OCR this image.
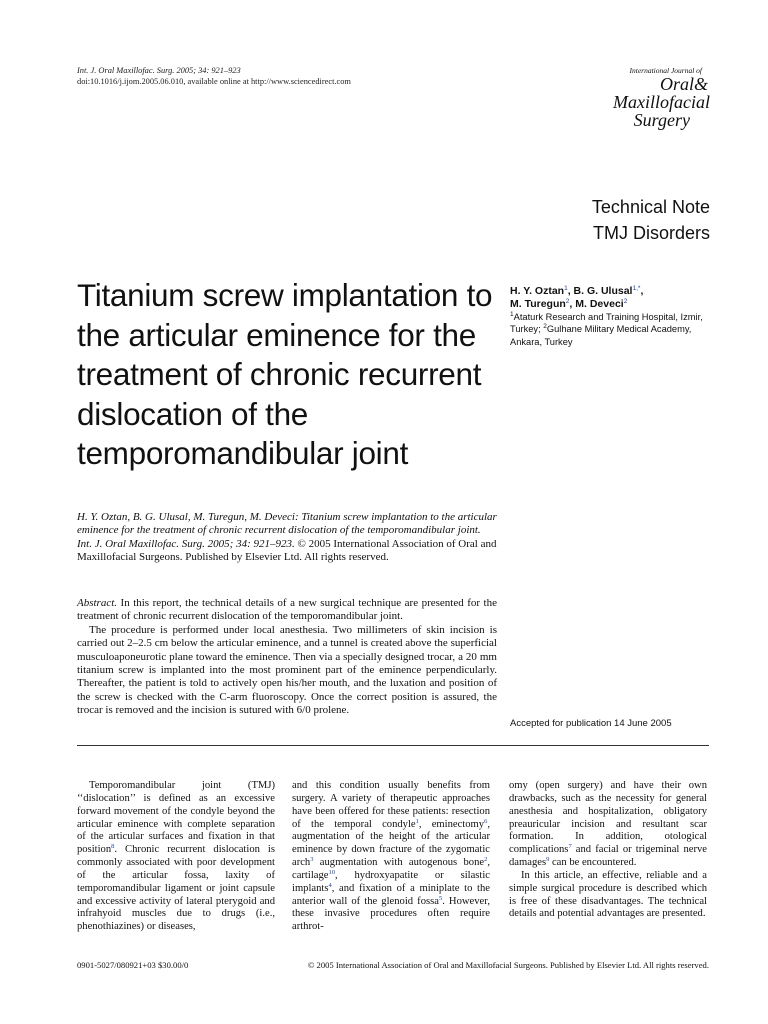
Int. J. Oral Maxillofac. Surg. 2005; 34: 921–923
doi:10.1016/j.ijom.2005.06.010, available online at http://www.sciencedirect.com
International Journal of
Oral&
Maxillofacial
Surgery
Technical Note
TMJ Disorders
Titanium screw implantation to the articular eminence for the treatment of chronic recurrent dislocation of the temporomandibular joint
H. Y. Oztan$^1$, B. G. Ulusal$^{1,*}$,
M. Turegun$^2$, M. Deveci$^2$
$^1$Ataturk Research and Training Hospital, Izmir, Turkey; $^2$Gulhane Military Medical Academy, Ankara, Turkey
H. Y. Oztan, B. G. Ulusal, M. Turegun, M. Deveci: Titanium screw implantation to the articular eminence for the treatment of chronic recurrent dislocation of the temporomandibular joint. Int. J. Oral Maxillofac. Surg. 2005; 34: 921–923. © 2005 International Association of Oral and Maxillofacial Surgeons. Published by Elsevier Ltd. All rights reserved.

Abstract. In this report, the technical details of a new surgical technique are presented for the treatment of chronic recurrent dislocation of the temporomandibular joint.

The procedure is performed under local anesthesia. Two millimeters of skin incision is carried out 2–2.5 cm below the articular eminence, and a tunnel is created above the superficial musculoaponeurotic plane toward the eminence. Then via a specially designed trocar, a 20 mm titanium screw is implanted into the most prominent part of the eminence perpendicularly. Thereafter, the patient is told to actively open his/her mouth, and the luxation and position of the screw is checked with the C-arm fluoroscopy. Once the correct position is assured, the trocar is removed and the incision is sutured with 6/0 prolene.

Accepted for publication 14 June 2005

Temporomandibular joint (TMJ) ‘‘dislocation’’ is defined as an excessive forward movement of the condyle beyond the articular eminence with complete separation of the articular surfaces and fixation in that position$^8$. Chronic recurrent dislocation is commonly associated with poor development of the articular fossa, laxity of temporomandibular ligament or joint capsule and excessive activity of lateral pterygoid and infrahyoid muscles due to drugs (i.e., phenothiazines) or diseases,

and this condition usually benefits from surgery. A variety of therapeutic approaches have been offered for these patients: resection of the temporal condyle$^1$, eminectomy$^6$, augmentation of the height of the articular eminence by down fracture of the zygomatic arch$^3$ augmentation with autogenous bone$^2$, cartilage$^{10}$, hydroxyapatite or silastic implants$^4$, and fixation of a miniplate to the anterior wall of the glenoid fossa$^5$. However, these invasive procedures often require arthrot-

omy (open surgery) and have their own drawbacks, such as the necessity for general anesthesia and hospitalization, obligatory preauricular incision and resultant scar formation. In addition, otological complications$^7$ and facial or trigeminal nerve damages$^9$ can be encountered.

In this article, an effective, reliable and a simple surgical procedure is described which is free of these disadvantages. The technical details and potential advantages are presented.

0901-5027/080921+03 $30.00/0	© 2005 International Association of Oral and Maxillofacial Surgeons. Published by Elsevier Ltd. All rights reserved.
